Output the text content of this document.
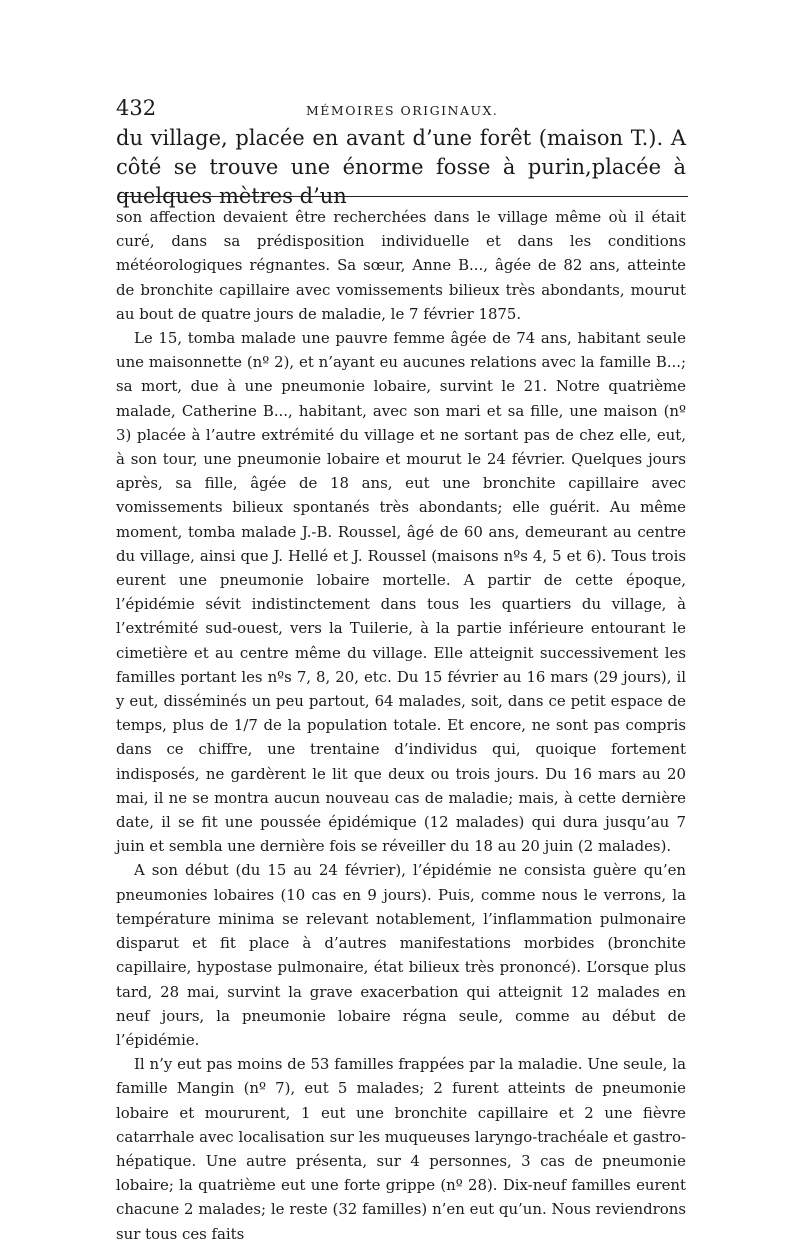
432	MÉMOIRES ORIGINAUX.

du village, placée en avant d’une forêt (maison T.). A côté se trouve une énorme fosse à purin,placée à quelques mètres d’un

son affection devaient être recherchées dans le village même où il était curé, dans sa prédisposition individuelle et dans les conditions météorologiques régnantes. Sa sœur, Anne B..., âgée de 82 ans, atteinte de bronchite capillaire avec vomissements bilieux très abondants, mourut au bout de quatre jours de maladie, le 7 février 1875.

Le 15, tomba malade une pauvre femme âgée de 74 ans, habitant seule une maisonnette (nº 2), et n’ayant eu aucunes relations avec la famille B...; sa mort, due à une pneumonie lobaire, survint le 21. Notre quatrième malade, Catherine B..., habitant, avec son mari et sa fille, une maison (nº 3) placée à l’autre extrémité du village et ne sortant pas de chez elle, eut, à son tour, une pneumonie lobaire et mourut le 24 février. Quelques jours après, sa fille, âgée de 18 ans, eut une bronchite capillaire avec vomissements bilieux spontanés très abondants; elle guérit. Au même moment, tomba malade J.-B. Roussel, âgé de 60 ans, demeurant au centre du village, ainsi que J. Hellé et J. Roussel (maisons nºs 4, 5 et 6). Tous trois eurent une pneumonie lobaire mortelle. A partir de cette époque, l’épidémie sévit indistinctement dans tous les quartiers du village, à l’extrémité sud-ouest, vers la Tuilerie, à la partie inférieure entourant le cimetière et au centre même du village. Elle atteignit successivement les familles portant les nºs 7, 8, 20, etc. Du 15 février au 16 mars (29 jours), il y eut, disséminés un peu partout, 64 malades, soit, dans ce petit espace de temps, plus de 1/7 de la population totale. Et encore, ne sont pas compris dans ce chiffre, une trentaine d’individus qui, quoique fortement indisposés, ne gardèrent le lit que deux ou trois jours. Du 16 mars au 20 mai, il ne se montra aucun nouveau cas de maladie; mais, à cette dernière date, il se fit une poussée épidémique (12 malades) qui dura jusqu’au 7 juin et sembla une dernière fois se réveiller du 18 au 20 juin (2 malades).

A son début (du 15 au 24 février), l’épidémie ne consista guère qu’en pneumonies lobaires (10 cas en 9 jours). Puis, comme nous le verrons, la température minima se relevant notablement, l’inflammation pulmonaire disparut et fit place à d’autres manifestations morbides (bronchite capillaire, hypostase pulmonaire, état bilieux très prononcé). L’orsque plus tard, 28 mai, survint la grave exacerbation qui atteignit 12 malades en neuf jours, la pneumonie lobaire régna seule, comme au début de l’épidémie.

Il n’y eut pas moins de 53 familles frappées par la maladie. Une seule, la famille Mangin (nº 7), eut 5 malades; 2 furent atteints de pneumonie lobaire et moururent, 1 eut une bronchite capillaire et 2 une fièvre catarrhale avec localisation sur les muqueuses laryngo-trachéale et gastro-hépatique. Une autre présenta, sur 4 personnes, 3 cas de pneumonie lobaire; la quatrième eut une forte grippe (nº 28). Dix-neuf familles eurent chacune 2 malades; le reste (32 familles) n’en eut qu’un. Nous reviendrons sur tous ces faits
